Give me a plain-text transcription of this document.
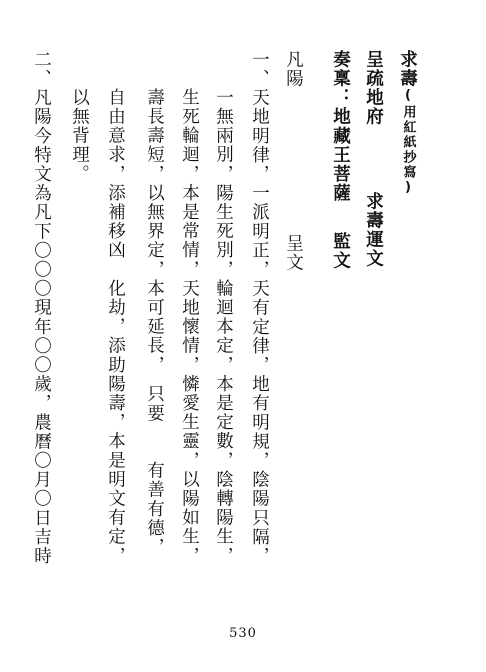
求壽(用紅紙抄寫)
呈疏地府
求壽運文
奏稟：地藏王菩薩
監文
凡陽
呈文
一、天地明律，一派明正，天有定律，地有明規，陰陽只隔，
一無兩別，陽生死別，輪迴本定，本是定數，陰轉陽生，
生死輪迴，本是常情，天地懷情，憐愛生靈，以陽如生，
壽長壽短，以無界定，本可延長，　只要　　有善有德，
自由意求，添補移凶　化劫，添助陽壽，本是明文有定，
以無背理。
二、凡陽今特文為凡下〇〇〇現年〇〇歲，農曆〇月〇日吉時
530
